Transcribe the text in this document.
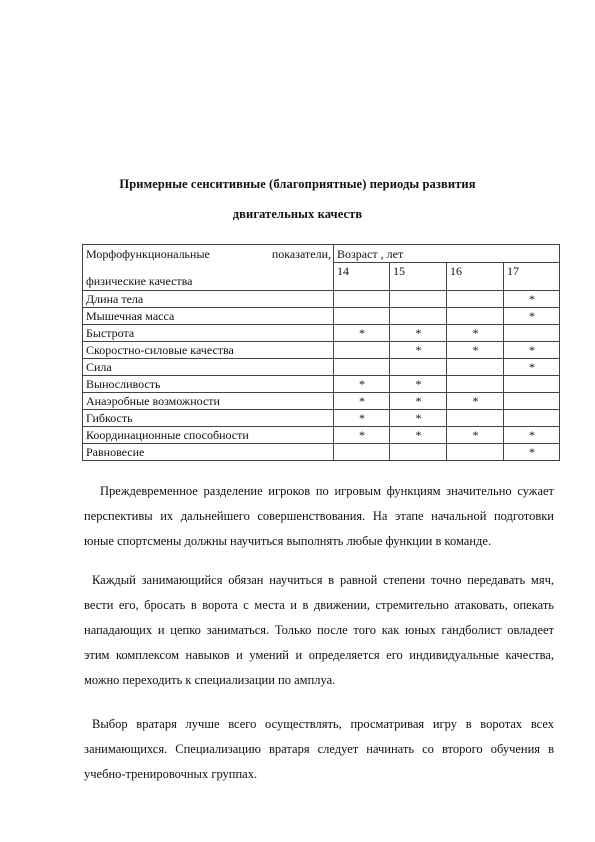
Примерные сенситивные (благоприятные) периоды развития
двигательных качеств
Морфофункциональные показатели,
физические качества	Возраст , лет			
	14	15	16	17
Длина тела				*
Мышечная масса				*
Быстрота	*	*	*	
Скоростно-силовые качества		*	*	*
Сила				*
Выносливость	*	*		
Анаэробные возможности	*	*	*	
Гибкость	*	*		
Координационные способности	*	*	*	*
Равновесие				*
Преждевременное разделение игроков по игровым функциям значительно сужает перспективы их дальнейшего совершенствования. На этапе начальной подготовки юные спортсмены должны научиться выполнять любые функции в команде.
Каждый занимающийся обязан научиться в равной степени точно передавать мяч, вести его, бросать в ворота с места и в движении, стремительно атаковать, опекать нападающих и цепко заниматься. Только после того как юных гандболист овладеет этим комплексом навыков и умений и определяется его индивидуальные качества, можно переходить к специализации по амплуа.
Выбор вратаря лучше всего осуществлять, просматривая игру в воротах всех занимающихся. Специализацию вратаря следует начинать со второго обучения в учебно-тренировочных группах.
